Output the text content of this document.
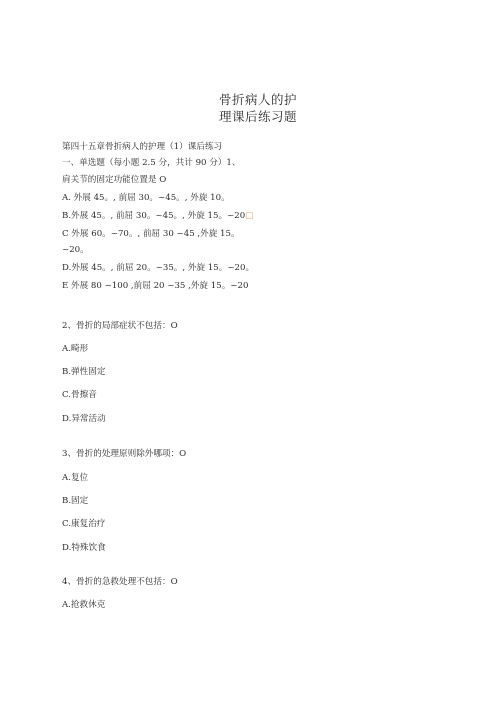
骨折病人的护
理课后练习题
第四十五章骨折病人的护理（1）课后练习
一、单选题（每小题 2.5 分，共计 90 分）1、
肩关节的固定功能位置是 O
A. 外展 45。, 前屈 30。~45。, 外旋 10。
B.外展 45。, 前屈 30。~45。, 外旋 15。~20□
C 外展 60。~70。, 前屈 30 ~45 ,外旋 15。
~20。
D.外展 45。, 前屈 20。~35。, 外旋 15。~20。
E 外展 80 ~100 ,前屈 20 ~35 ,外旋 15。~20
2、骨折的局部症状不包括：O
A.畸形
B.弹性固定
C.骨擦音
D.异常活动
3、骨折的处理原则除外哪项：O
A.复位
B.固定
C.康复治疗
D.特殊饮食
4、骨折的急救处理不包括：O
A.抢救休克
